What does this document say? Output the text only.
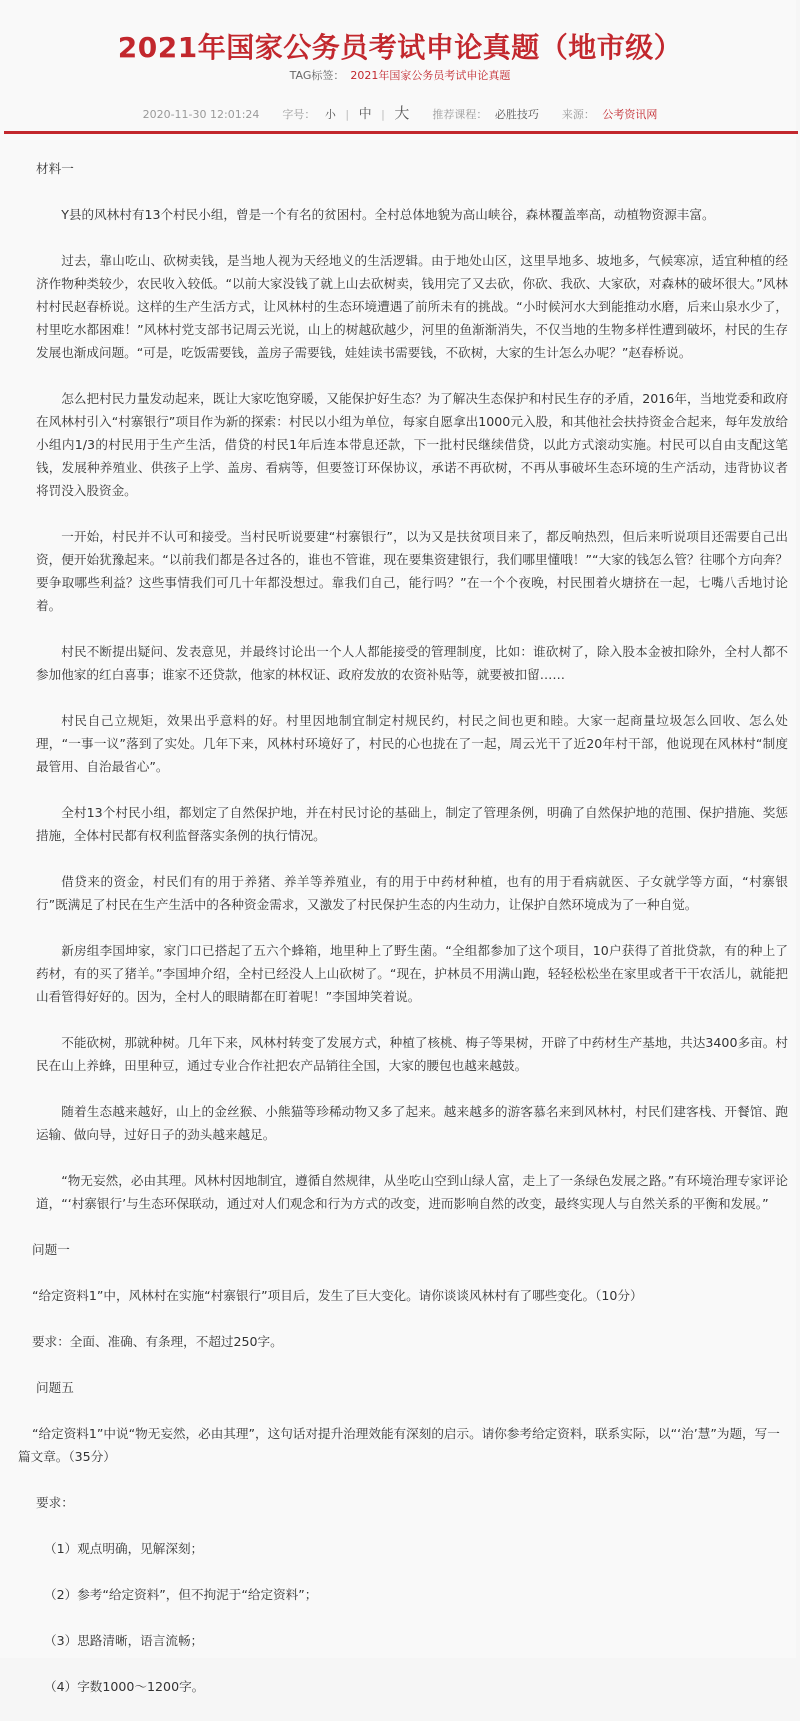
2021年国家公务员考试申论真题（地市级）
TAG标签： 2021年国家公务员考试申论真题
2020-11-30 12:01:24 字号： 小 | 中 | 大 推荐课程： 必胜技巧 来源： 公考资讯网
材料一
Y县的风林村有13个村民小组，曾是一个有名的贫困村。全村总体地貌为高山峡谷，森林覆盖率高，动植物资源丰富。
过去，靠山吃山、砍树卖钱，是当地人视为天经地义的生活逻辑。由于地处山区，这里旱地多、坡地多，气候寒凉，适宜种植的经济作物种类较少，农民收入较低。“以前大家没钱了就上山去砍树卖，钱用完了又去砍，你砍、我砍、大家砍，对森林的破坏很大。”风林村村民赵春桥说。这样的生产生活方式，让风林村的生态环境遭遇了前所未有的挑战。“小时候河水大到能推动水磨，后来山泉水少了，村里吃水都困难！”风林村党支部书记周云光说，山上的树越砍越少，河里的鱼渐渐消失，不仅当地的生物多样性遭到破坏，村民的生存发展也渐成问题。“可是，吃饭需要钱，盖房子需要钱，娃娃读书需要钱，不砍树，大家的生计怎么办呢？”赵春桥说。
怎么把村民力量发动起来，既让大家吃饱穿暖，又能保护好生态？为了解决生态保护和村民生存的矛盾，2016年，当地党委和政府在风林村引入“村寨银行”项目作为新的探索：村民以小组为单位，每家自愿拿出1000元入股，和其他社会扶持资金合起来，每年发放给小组内1/3的村民用于生产生活，借贷的村民1年后连本带息还款，下一批村民继续借贷，以此方式滚动实施。村民可以自由支配这笔钱，发展种养殖业、供孩子上学、盖房、看病等，但要签订环保协议，承诺不再砍树，不再从事破坏生态环境的生产活动，违背协议者将罚没入股资金。
一开始，村民并不认可和接受。当村民听说要建“村寨银行”，以为又是扶贫项目来了，都反响热烈，但后来听说项目还需要自己出资，便开始犹豫起来。“以前我们都是各过各的，谁也不管谁，现在要集资建银行，我们哪里懂哦！”“大家的钱怎么管？往哪个方向奔？要争取哪些利益？这些事情我们可几十年都没想过。靠我们自己，能行吗？”在一个个夜晚，村民围着火塘挤在一起，七嘴八舌地讨论着。
村民不断提出疑问、发表意见，并最终讨论出一个人人都能接受的管理制度，比如：谁砍树了，除入股本金被扣除外，全村人都不参加他家的红白喜事；谁家不还贷款，他家的林权证、政府发放的农资补贴等，就要被扣留……
村民自己立规矩，效果出乎意料的好。村里因地制宜制定村规民约，村民之间也更和睦。大家一起商量垃圾怎么回收、怎么处理，“一事一议”落到了实处。几年下来，风林村环境好了，村民的心也拢在了一起，周云光干了近20年村干部，他说现在风林村“制度最管用、自治最省心”。
全村13个村民小组，都划定了自然保护地，并在村民讨论的基础上，制定了管理条例，明确了自然保护地的范围、保护措施、奖惩措施，全体村民都有权利监督落实条例的执行情况。
借贷来的资金，村民们有的用于养猪、养羊等养殖业，有的用于中药材种植，也有的用于看病就医、子女就学等方面，“村寨银行”既满足了村民在生产生活中的各种资金需求，又激发了村民保护生态的内生动力，让保护自然环境成为了一种自觉。
新房组李国坤家，家门口已搭起了五六个蜂箱，地里种上了野生菌。“全组都参加了这个项目，10户获得了首批贷款，有的种上了药材，有的买了猪羊。”李国坤介绍，全村已经没人上山砍树了。“现在，护林员不用满山跑，轻轻松松坐在家里或者干干农活儿，就能把山看管得好好的。因为，全村人的眼睛都在盯着呢！”李国坤笑着说。
不能砍树，那就种树。几年下来，风林村转变了发展方式，种植了核桃、梅子等果树，开辟了中药材生产基地，共达3400多亩。村民在山上养蜂，田里种豆，通过专业合作社把农产品销往全国，大家的腰包也越来越鼓。
随着生态越来越好，山上的金丝猴、小熊猫等珍稀动物又多了起来。越来越多的游客慕名来到风林村，村民们建客栈、开餐馆、跑运输、做向导，过好日子的劲头越来越足。
“物无妄然，必由其理。风林村因地制宜，遵循自然规律，从坐吃山空到山绿人富，走上了一条绿色发展之路。”有环境治理专家评论道，“‘村寨银行’与生态环保联动，通过对人们观念和行为方式的改变，进而影响自然的改变，最终实现人与自然关系的平衡和发展。”
问题一
“给定资料1”中，风林村在实施“村寨银行”项目后，发生了巨大变化。请你谈谈风林村有了哪些变化。（10分）
要求：全面、准确、有条理，不超过250字。
问题五
“给定资料1”中说“物无妄然，必由其理”，这句话对提升治理效能有深刻的启示。请你参考给定资料，联系实际，以“‘治’慧”为题，写一篇文章。（35分）
要求：
（1）观点明确，见解深刻；
（2）参考“给定资料”，但不拘泥于“给定资料”；
（3）思路清晰，语言流畅；
（4）字数1000～1200字。
